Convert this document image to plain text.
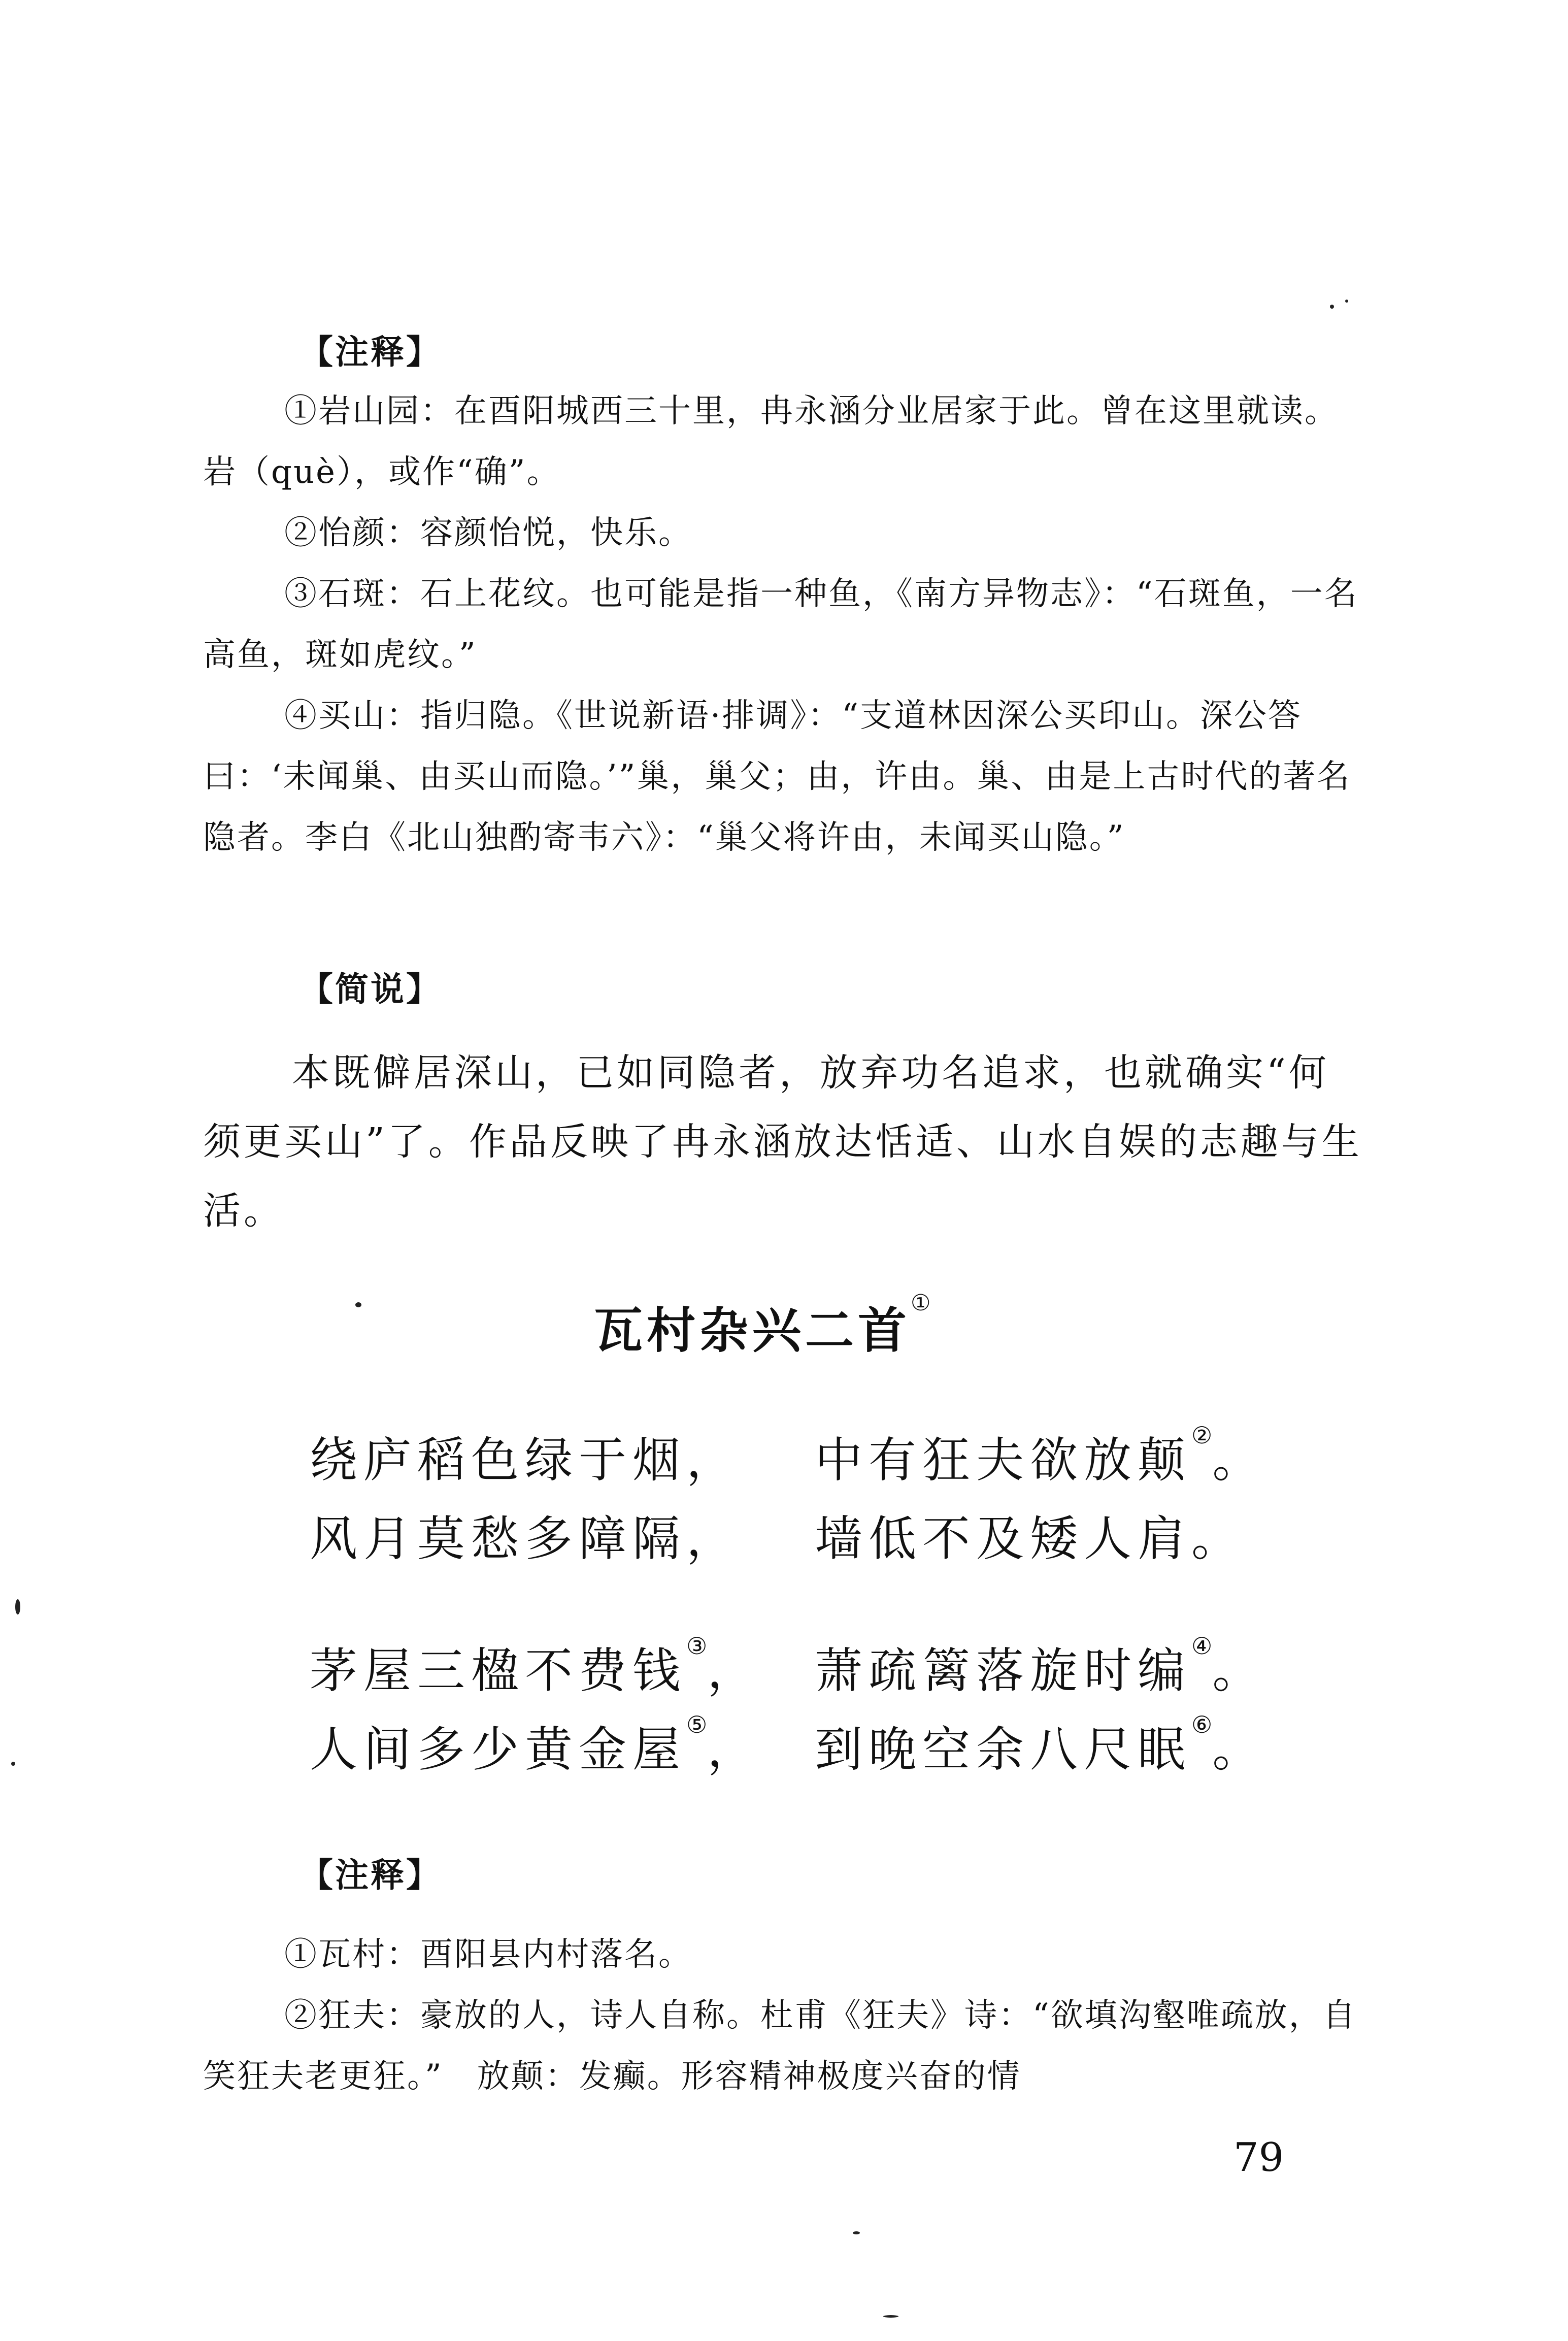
【 注释 】

①岩山园：在酉阳城西三十里，冉永涵分业居家于此。曾在这里就读。岩（què），或作“确”。

②怡颜：容颜怡悦，快乐。

③石斑：石上花纹。也可能是指一种鱼，《南方异物志》：“石斑鱼，一名高鱼，斑如虎纹。”

④买山：指归隐。《世说新语·排调》：“支道林因深公买印山。深公答曰：‘未闻巢、由买山而隐。’”巢，巢父；由，许由。巢、由是上古时代的著名隐者。李白《北山独酌寄韦六》：“巢父将许由，未闻买山隐。”

【 简说 】

本既僻居深山，已如同隐者，放弃功名追求，也就确实“何须更买山”了。作品反映了冉永涵放达恬适、山水自娱的志趣与生活。

瓦村杂兴二首①
绕庐稻色绿于烟， 中有狂夫欲放颠②。
风月莫愁多障隔， 墙低不及矮人肩。
茅屋三楹不费钱③， 萧疏篱落旋时编④。
人间多少黄金屋⑤， 到晚空余八尺眠⑥。
【 注释 】

①瓦村：酉阳县内村落名。

②狂夫：豪放的人，诗人自称。杜甫《狂夫》诗：“欲填沟壑唯疏放，自笑狂夫老更狂。”　放颠：发癫。形容精神极度兴奋的情

79
